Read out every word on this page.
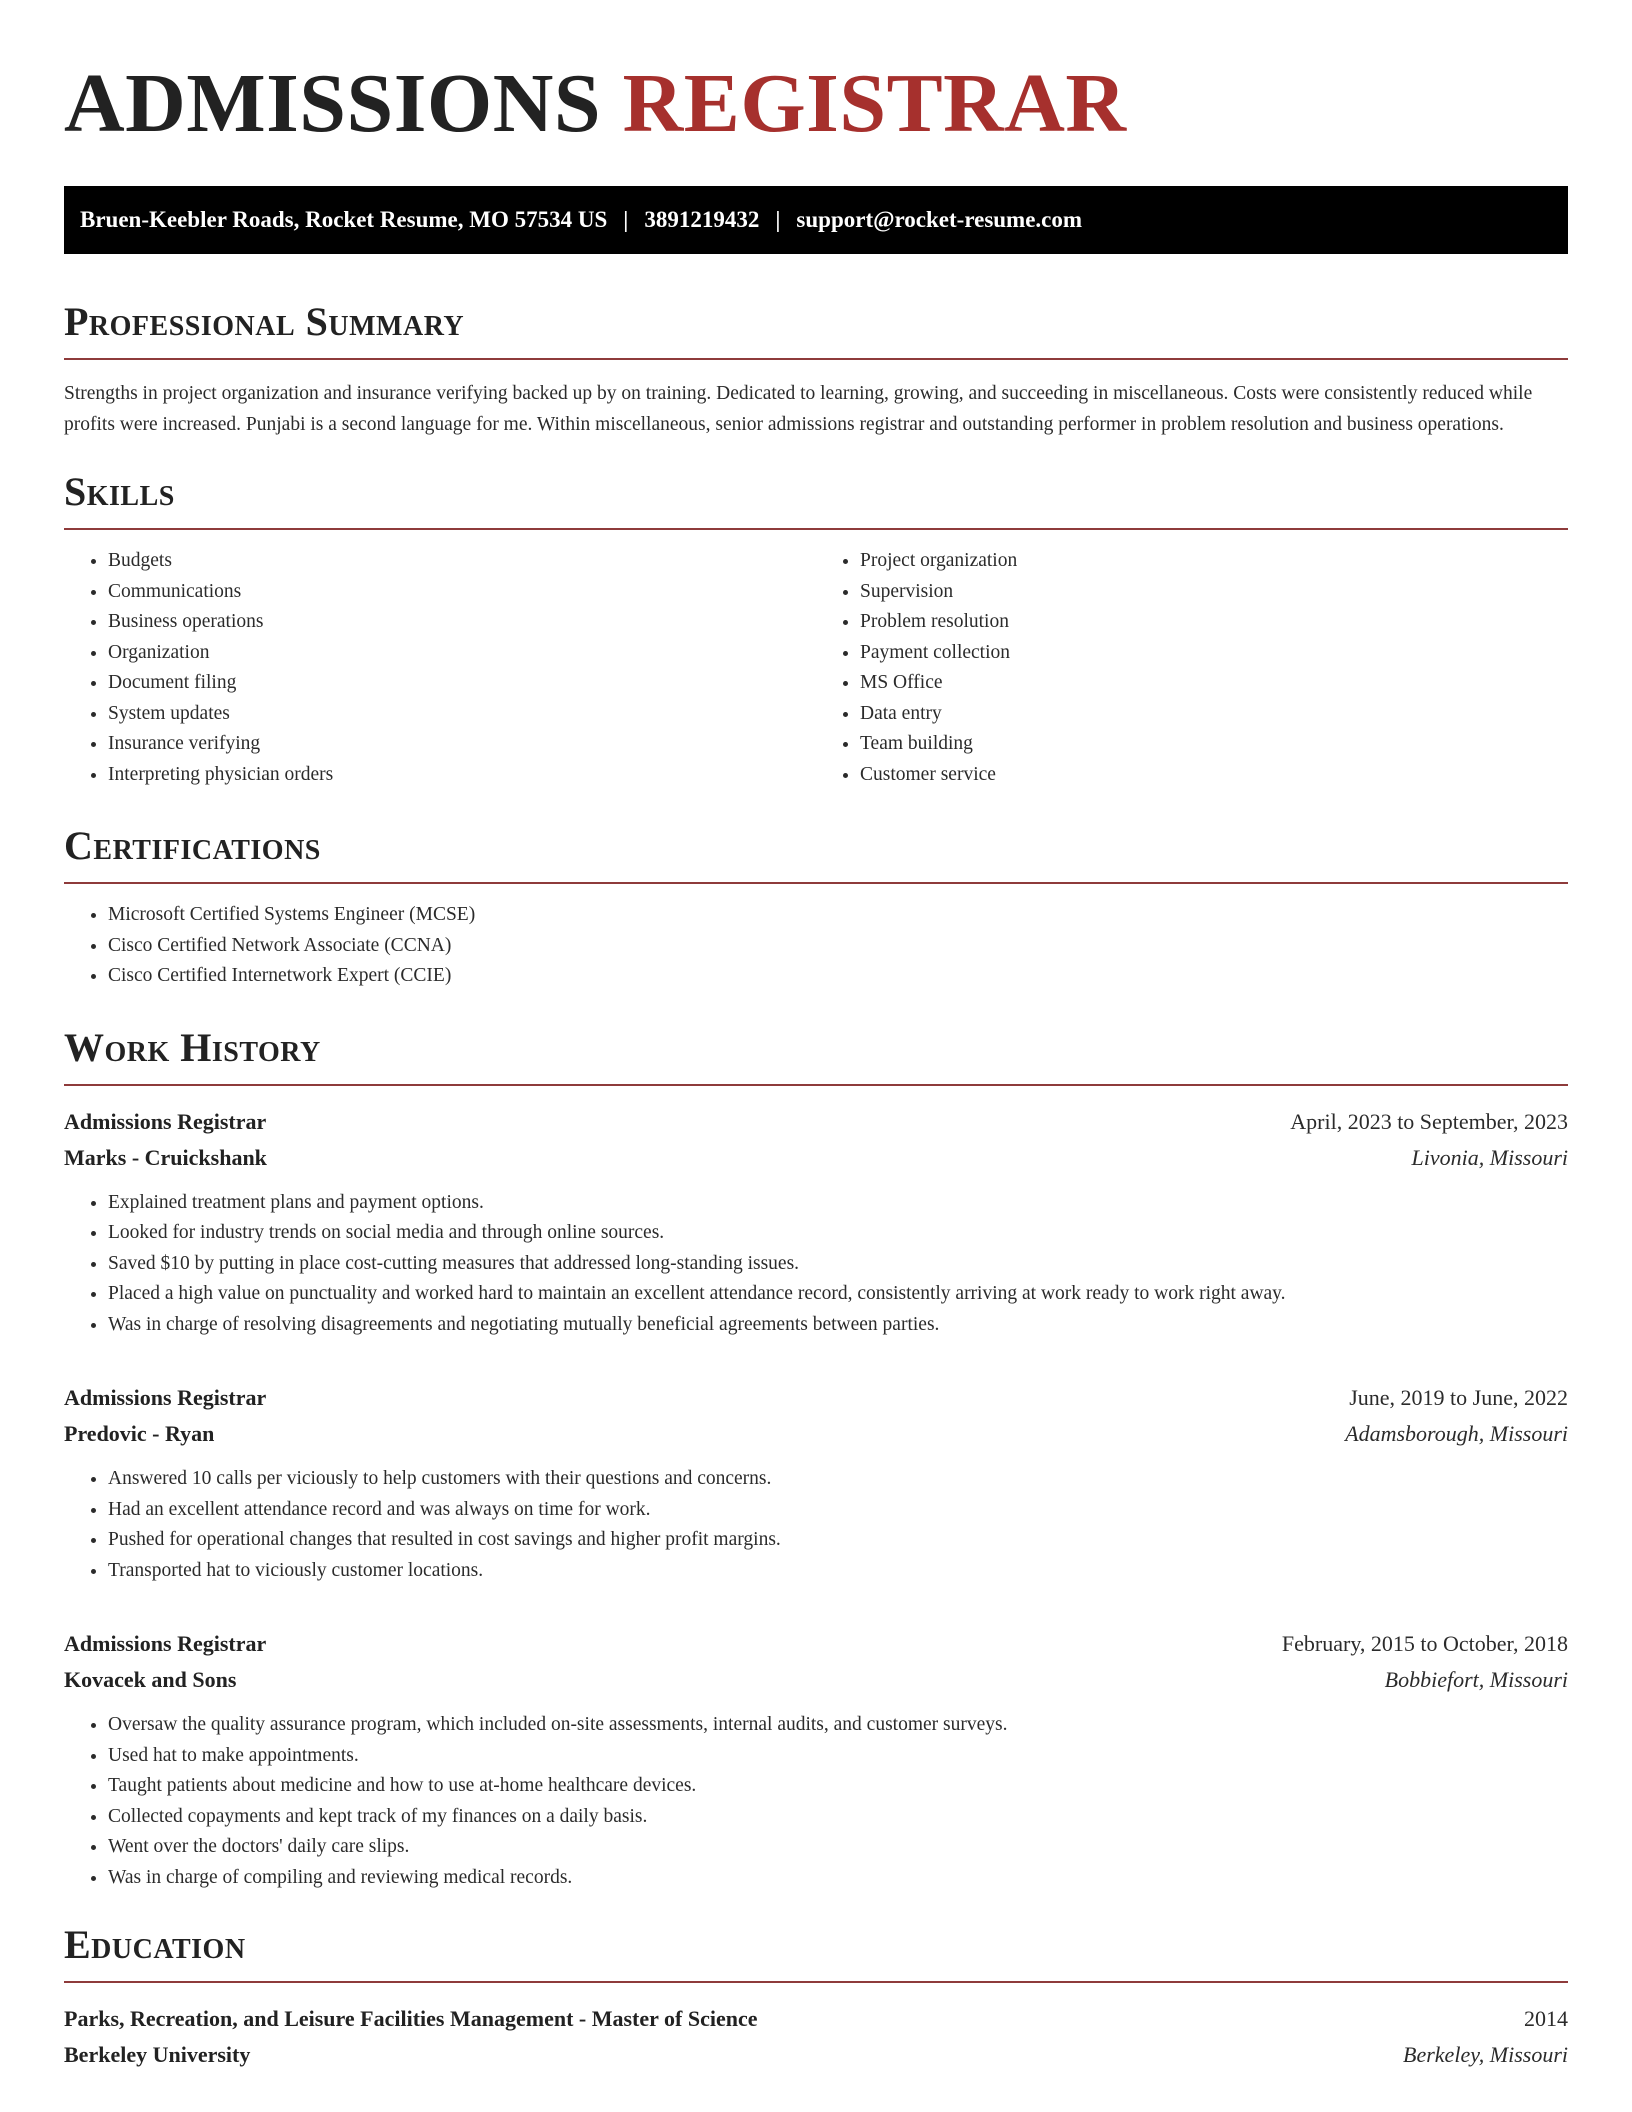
ADMISSIONS REGISTRAR
Bruen-Keebler Roads, Rocket Resume, MO 57534 US | 3891219432 | support@rocket-resume.com
Professional Summary

Strengths in project organization and insurance verifying backed up by on training. Dedicated to learning, growing, and succeeding in miscellaneous. Costs were consistently reduced while profits were increased. Punjabi is a second language for me. Within miscellaneous, senior admissions registrar and outstanding performer in problem resolution and business operations.

Skills
• Budgets
• Communications
• Business operations
• Organization
• Document filing
• System updates
• Insurance verifying
• Interpreting physician orders
• Project organization
• Supervision
• Problem resolution
• Payment collection
• MS Office
• Data entry
• Team building
• Customer service
Certifications
• Microsoft Certified Systems Engineer (MCSE)
• Cisco Certified Network Associate (CCNA)
• Cisco Certified Internetwork Expert (CCIE)
Work History
Admissions Registrar	April, 2023 to September, 2023
Marks - Cruickshank	Livonia, Missouri
• Explained treatment plans and payment options.
• Looked for industry trends on social media and through online sources.
• Saved $10 by putting in place cost-cutting measures that addressed long-standing issues.
• Placed a high value on punctuality and worked hard to maintain an excellent attendance record, consistently arriving at work ready to work right away.
• Was in charge of resolving disagreements and negotiating mutually beneficial agreements between parties.
Admissions Registrar	June, 2019 to June, 2022
Predovic - Ryan	Adamsborough, Missouri
• Answered 10 calls per viciously to help customers with their questions and concerns.
• Had an excellent attendance record and was always on time for work.
• Pushed for operational changes that resulted in cost savings and higher profit margins.
• Transported hat to viciously customer locations.
Admissions Registrar	February, 2015 to October, 2018
Kovacek and Sons	Bobbiefort, Missouri
• Oversaw the quality assurance program, which included on-site assessments, internal audits, and customer surveys.
• Used hat to make appointments.
• Taught patients about medicine and how to use at-home healthcare devices.
• Collected copayments and kept track of my finances on a daily basis.
• Went over the doctors' daily care slips.
• Was in charge of compiling and reviewing medical records.
Education
Parks, Recreation, and Leisure Facilities Management - Master of Science	2014
Berkeley University	Berkeley, Missouri
